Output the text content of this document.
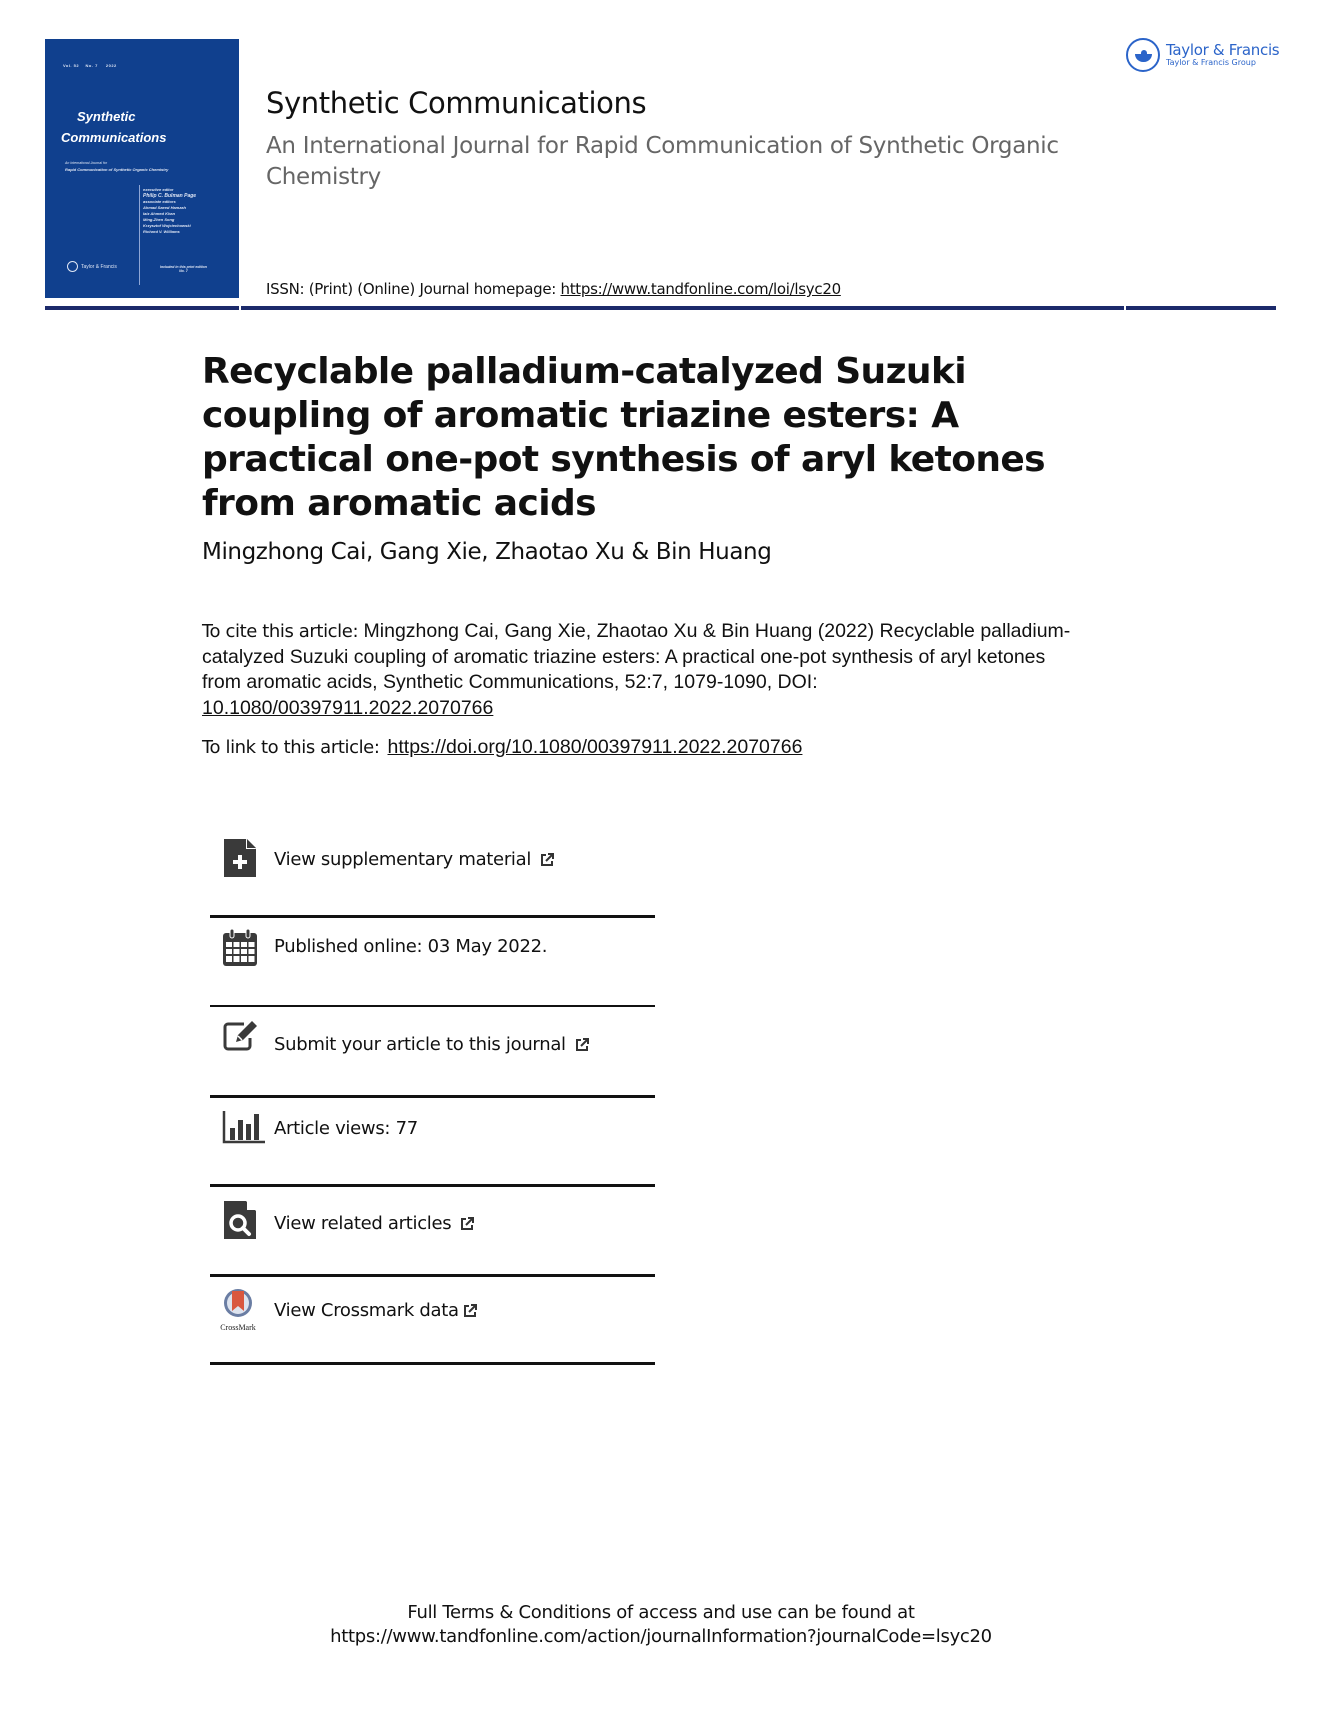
Vol. 52    No. 7     2022
Synthetic
Communications
An International Journal for
Rapid Communication of Synthetic Organic Chemistry
executive editor
Philip C. Bulman Page
associate editors
Ahmad Saeed Hamzah
Iaiz Ahmed Khan
Ming-Zhen Song
Krzysztof Wojciechowski
Richard V. Williams
Taylor & Francis	Included in this print edition
No. 7
Synthetic Communications
An International Journal for Rapid Communication of Synthetic Organic Chemistry
ISSN: (Print) (Online) Journal homepage: https://www.tandfonline.com/loi/lsyc20
Taylor & Francis
Taylor & Francis Group
Recyclable palladium-catalyzed Suzuki coupling of aromatic triazine esters: A practical one-pot synthesis of aryl ketones from aromatic acids
Mingzhong Cai, Gang Xie, Zhaotao Xu & Bin Huang
To cite this article: Mingzhong Cai, Gang Xie, Zhaotao Xu & Bin Huang (2022) Recyclable palladium-catalyzed Suzuki coupling of aromatic triazine esters: A practical one-pot synthesis of aryl ketones from aromatic acids, Synthetic Communications, 52:7, 1079-1090, DOI: 10.1080/00397911.2022.2070766
To link to this article: https://doi.org/10.1080/00397911.2022.2070766
View supplementary material
Published online: 03 May 2022.
Submit your article to this journal
Article views: 77
View related articles
CrossMark
View Crossmark data
Full Terms & Conditions of access and use can be found at
https://www.tandfonline.com/action/journalInformation?journalCode=lsyc20
